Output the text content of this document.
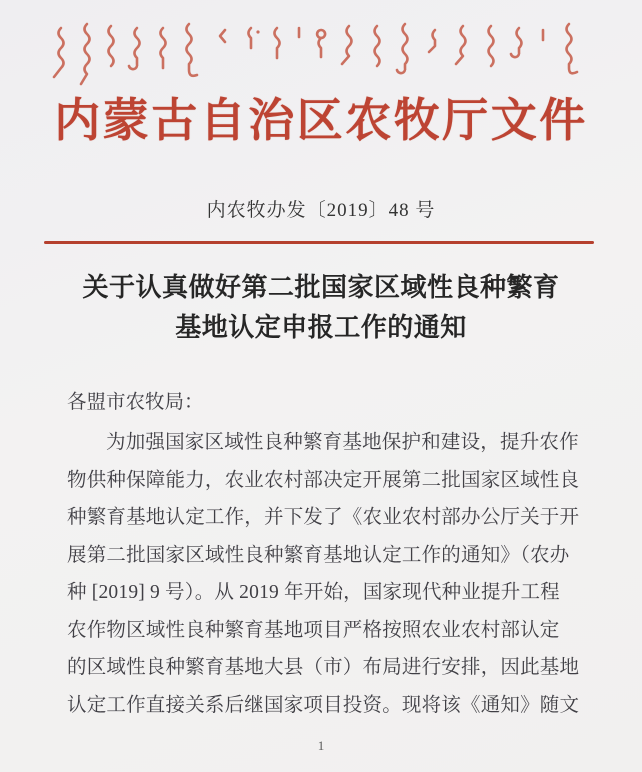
内蒙古自治区农牧厅文件
内农牧办发〔2019〕48 号
关于认真做好第二批国家区域性良种繁育
基地认定申报工作的通知
各盟市农牧局：
为加强国家区域性良种繁育基地保护和建设，提升农作
物供种保障能力，农业农村部决定开展第二批国家区域性良
种繁育基地认定工作，并下发了《农业农村部办公厅关于开
展第二批国家区域性良种繁育基地认定工作的通知》（农办
种 [2019] 9 号）。从 2019 年开始，国家现代种业提升工程
农作物区域性良种繁育基地项目严格按照农业农村部认定
的区域性良种繁育基地大县（市）布局进行安排，因此基地
认定工作直接关系后继国家项目投资。现将该《通知》随文
1
